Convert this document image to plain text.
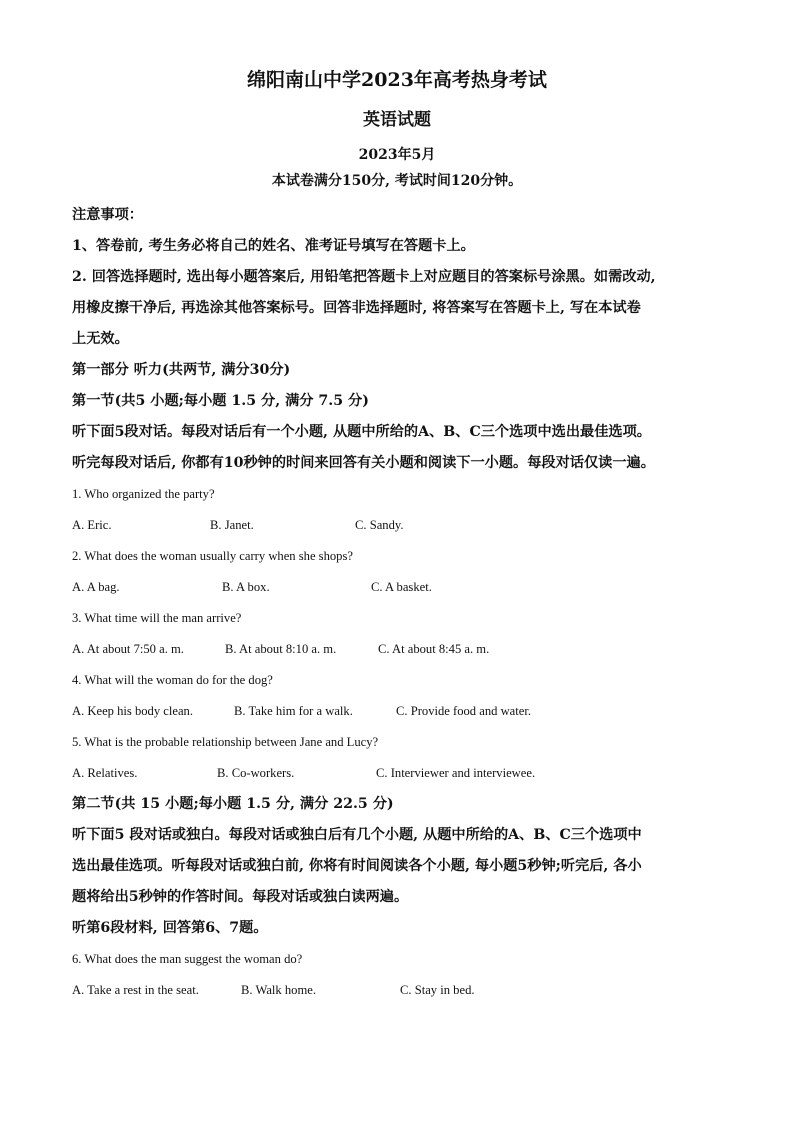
绵阳南山中学2023年高考热身考试
英语试题
2023年5月
本试卷满分150分, 考试时间120分钟。
注意事项：
1、答卷前, 考生务必将自己的姓名、准考证号填写在答题卡上。
2. 回答选择题时, 选出每小题答案后, 用铅笔把答题卡上对应题目的答案标号涂黑。如需改动,
用橡皮擦干净后, 再选涂其他答案标号。回答非选择题时, 将答案写在答题卡上, 写在本试卷
上无效。
第一部分 听力(共两节, 满分30分)
第一节(共5 小题;每小题 1.5 分, 满分 7.5 分)
听下面5段对话。每段对话后有一个小题, 从题中所给的A、B、C三个选项中选出最佳选项。
听完每段对话后, 你都有10秒钟的时间来回答有关小题和阅读下一小题。每段对话仅读一遍。
1. Who organized the party?
A. Eric.	B. Janet.	C. Sandy.
2. What does the woman usually carry when she shops?
A. A bag.	B. A box.	C. A basket.
3. What time will the man arrive?
A. At about 7:50 a. m.	B. At about 8:10 a. m.	C. At about 8:45 a. m.
4. What will the woman do for the dog?
A. Keep his body clean.	B. Take him for a walk.	C. Provide food and water.
5. What is the probable relationship between Jane and Lucy?
A. Relatives.	B. Co-workers.	C. Interviewer and interviewee.
第二节(共 15 小题;每小题 1.5 分, 满分 22.5 分)
听下面5 段对话或独白。每段对话或独白后有几个小题, 从题中所给的A、B、C三个选项中
选出最佳选项。听每段对话或独白前, 你将有时间阅读各个小题, 每小题5秒钟;听完后, 各小
题将给出5秒钟的作答时间。每段对话或独白读两遍。
听第6段材料, 回答第6、7题。
6. What does the man suggest the woman do?
A. Take a rest in the seat.	B. Walk home.	C. Stay in bed.
